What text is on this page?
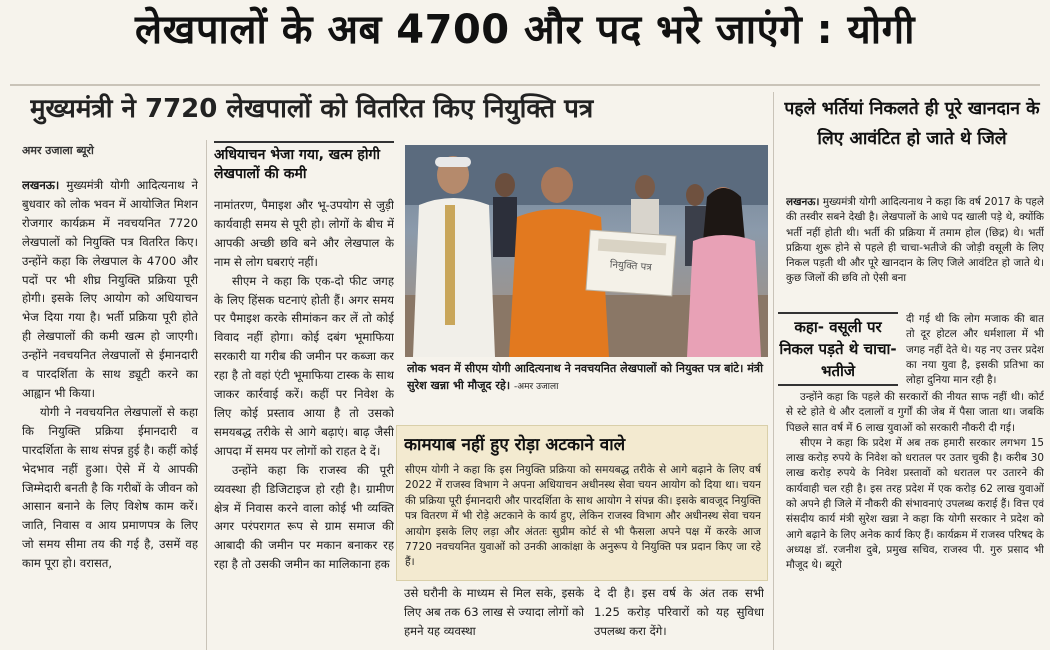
लेखपालों के अब 4700 और पद भरे जाएंगे : योगी
मुख्यमंत्री ने 7720 लेखपालों को वितरित किए नियुक्ति पत्र
अमर उजाला ब्यूरो

लखनऊ। मुख्यमंत्री योगी आदित्यनाथ ने बुधवार को लोक भवन में आयोजित मिशन रोजगार कार्यक्रम में नवचयनित 7720 लेखपालों को नियुक्ति पत्र वितरित किए। उन्होंने कहा कि लेखपाल के 4700 और पदों पर भी शीघ्र नियुक्ति प्रक्रिया पूरी होगी। इसके लिए आयोग को अधियाचन भेज दिया गया है। भर्ती प्रक्रिया पूरी होते ही लेखपालों की कमी खत्म हो जाएगी। उन्होंने नवचयनित लेखपालों से ईमानदारी व पारदर्शिता के साथ ड्यूटी करने का आह्वान भी किया।

योगी ने नवचयनित लेखपालों से कहा कि नियुक्ति प्रक्रिया ईमानदारी व पारदर्शिता के साथ संपन्न हुई है। कहीं कोई भेदभाव नहीं हुआ। ऐसे में ये आपकी जिम्मेदारी बनती है कि गरीबों के जीवन को आसान बनाने के लिए विशेष काम करें। जाति, निवास व आय प्रमाणपत्र के लिए जो समय सीमा तय की गई है, उसमें वह काम पूरा हो। वरासत,

अधियाचन भेजा गया, खत्म होगी लेखपालों की कमी

नामांतरण, पैमाइश और भू-उपयोग से जुड़ी कार्यवाही समय से पूरी हो। लोगों के बीच में आपकी अच्छी छवि बने और लेखपाल के नाम से लोग घबराएं नहीं।

सीएम ने कहा कि एक-दो फीट जगह के लिए हिंसक घटनाएं होती हैं। अगर समय पर पैमाइश करके सीमांकन कर लें तो कोई विवाद नहीं होगा। कोई दबंग भूमाफिया सरकारी या गरीब की जमीन पर कब्जा कर रहा है तो वहां एंटी भूमाफिया टास्क के साथ जाकर कार्रवाई करें। कहीं पर निवेश के लिए कोई प्रस्ताव आया है तो उसको समयबद्ध तरीके से आगे बढ़ाएं। बाढ़ जैसी आपदा में समय पर लोगों को राहत दे दें।

उन्होंने कहा कि राजस्व की पूरी व्यवस्था ही डिजिटाइज हो रही है। ग्रामीण क्षेत्र में निवास करने वाला कोई भी व्यक्ति अगर परंपरागत रूप से ग्राम समाज की आबादी की जमीन पर मकान बनाकर रह रहा है तो उसकी जमीन का मालिकाना हक

नियुक्ति पत्र
लोक भवन में सीएम योगी आदित्यनाथ ने नवचयनित लेखपालों को नियुक्त पत्र बांटे। मंत्री सुरेश खन्ना भी मौजूद रहे। -अमर उजाला
कामयाब नहीं हुए रोड़ा अटकाने वाले
सीएम योगी ने कहा कि इस नियुक्ति प्रक्रिया को समयबद्ध तरीके से आगे बढ़ाने के लिए वर्ष 2022 में राजस्व विभाग ने अपना अधियाचन अधीनस्थ सेवा चयन आयोग को दिया था। चयन की प्रक्रिया पूरी ईमानदारी और पारदर्शिता के साथ आयोग ने संपन्न की। इसके बावजूद नियुक्ति पत्र वितरण में भी रोड़े अटकाने के कार्य हुए, लेकिन राजस्व विभाग और अधीनस्थ सेवा चयन आयोग इसके लिए लड़ा और अंततः सुप्रीम कोर्ट से भी फैसला अपने पक्ष में करके आज 7720 नवचयनित युवाओं को उनकी आकांक्षा के अनुरूप ये नियुक्ति पत्र प्रदान किए जा रहे हैं।
उसे घरौनी के माध्यम से मिल सके, इसके लिए अब तक 63 लाख से ज्यादा लोगों को हमने यह व्यवस्था
दे दी है। इस वर्ष के अंत तक सभी 1.25 करोड़ परिवारों को यह सुविधा उपलब्ध करा देंगे।
पहले भर्तियां निकलते ही पूरे खानदान के लिए आवंटित हो जाते थे जिले
लखनऊ। मुख्यमंत्री योगी आदित्यनाथ ने कहा कि वर्ष 2017 के पहले की तस्वीर सबने देखी है। लेखपालों के आधे पद खाली पड़े थे, क्योंकि भर्ती नहीं होती थी। भर्ती की प्रक्रिया में तमाम होल (छिद्र) थे। भर्ती प्रक्रिया शुरू होने से पहले ही चाचा-भतीजे की जोड़ी वसूली के लिए निकल पड़ती थी और पूरे खानदान के लिए जिले आवंटित हो जाते थे। कुछ जिलों की छवि तो ऐसी बना
कहा- वसूली पर निकल पड़ते थे चाचा-भतीजे
दी गई थी कि लोग मजाक की बात तो दूर होटल और धर्मशाला में भी जगह नहीं देते थे। यह नए उत्तर प्रदेश का नया युवा है, इसकी प्रतिभा का लोहा दुनिया मान रही है।

उन्होंने कहा कि पहले की सरकारों की नीयत साफ नहीं थी। कोर्ट से स्टे होते थे और दलालों व गुर्गों की जेब में पैसा जाता था। जबकि पिछले सात वर्ष में 6 लाख युवाओं को सरकारी नौकरी दी गई।

सीएम ने कहा कि प्रदेश में अब तक हमारी सरकार लगभग 15 लाख करोड़ रुपये के निवेश को धरातल पर उतार चुकी है। करीब 30 लाख करोड़ रुपये के निवेश प्रस्तावों को धरातल पर उतारने की कार्यवाही चल रही है। इस तरह प्रदेश में एक करोड़ 62 लाख युवाओं को अपने ही जिले में नौकरी की संभावनाएं उपलब्ध कराई हैं। वित्त एवं संसदीय कार्य मंत्री सुरेश खन्ना ने कहा कि योगी सरकार ने प्रदेश को आगे बढ़ाने के लिए अनेक कार्य किए हैं। कार्यक्रम में राजस्व परिषद के अध्यक्ष डॉ. रजनीश दुबे, प्रमुख सचिव, राजस्व पी. गुरु प्रसाद भी मौजूद थे। ब्यूरो
